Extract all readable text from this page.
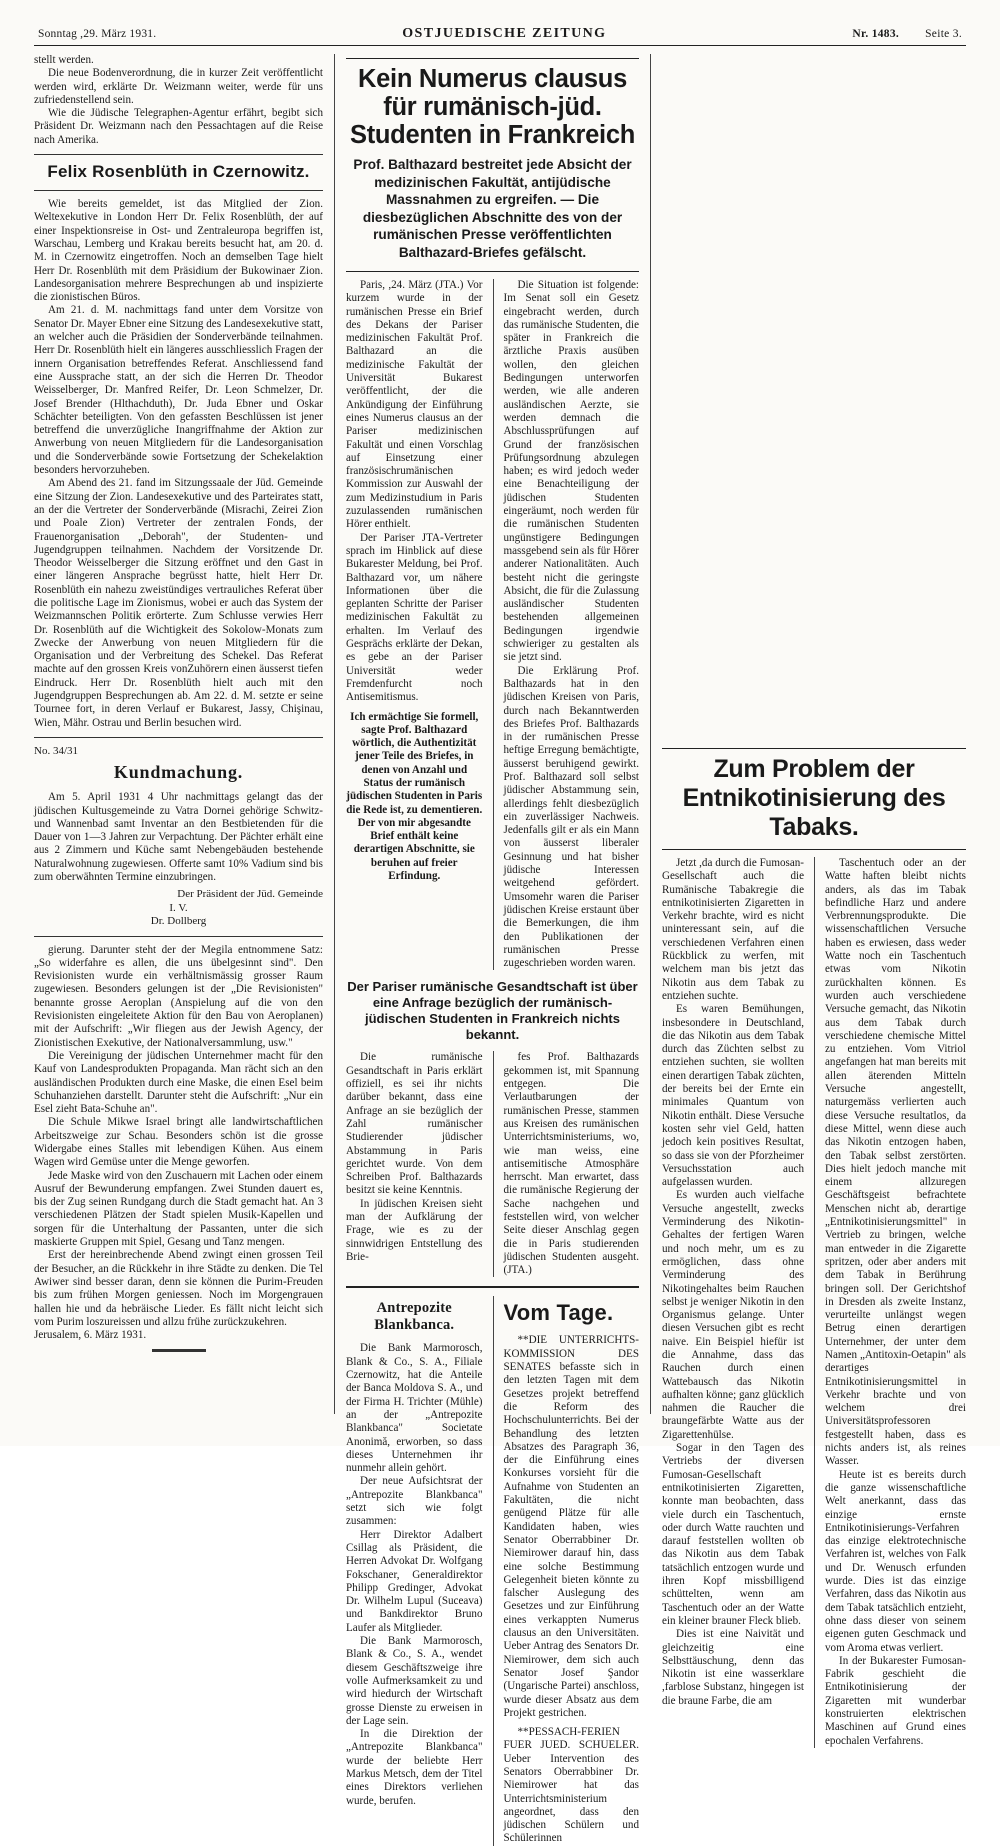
Sonntag ,29. März 1931.	OSTJUEDISCHE ZEITUNG	Nr. 1483. Seite 3.

stellt werden.

Die neue Bodenverordnung, die in kurzer Zeit veröffentlicht werden wird, erklärte Dr. Weizmann weiter, werde für uns zufriedenstellend sein.

Wie die Jüdische Telegraphen-Agentur erfährt, begibt sich Präsident Dr. Weizmann nach den Pessachtagen auf die Reise nach Amerika.

Felix Rosenblüth in Czernowitz.

Wie bereits gemeldet, ist das Mitglied der Zion. Weltexekutive in London Herr Dr. Felix Rosenblüth, der auf einer Inspektionsreise in Ost- und Zentraleuropa begriffen ist, Warschau, Lemberg und Krakau bereits besucht hat, am 20. d. M. in Czernowitz eingetroffen. Noch an demselben Tage hielt Herr Dr. Rosenblüth mit dem Präsidium der Bukowinaer Zion. Landesorganisation mehrere Besprechungen ab und inspizierte die zionistischen Büros.

Am 21. d. M. nachmittags fand unter dem Vorsitze von Senator Dr. Mayer Ebner eine Sitzung des Landesexekutive statt, an welcher auch die Präsidien der Sonderverbände teilnahmen. Herr Dr. Rosenblüth hielt ein längeres ausschliesslich Fragen der innern Organisation betreffendes Referat. Anschliessend fand eine Aussprache statt, an der sich die Herren Dr. Theodor Weisselberger, Dr. Manfred Reifer, Dr. Leon Schmelzer, Dr. Josef Brender (Hlthachduth), Dr. Juda Ebner und Oskar Schächter beteiligten. Von den gefassten Beschlüssen ist jener betreffend die unverzügliche Inangriffnahme der Aktion zur Anwerbung von neuen Mitgliedern für die Landesorganisation und die Sonderverbände sowie Fortsetzung der Schekelaktion besonders hervorzuheben.

Am Abend des 21. fand im Sitzungssaale der Jüd. Gemeinde eine Sitzung der Zion. Landesexekutive und des Parteirates statt, an der die Vertreter der Sonderverbände (Misrachi, Zeirei Zion und Poale Zion) Vertreter der zentralen Fonds, der Frauenorganisation „Deborah", der Studenten- und Jugendgruppen teilnahmen. Nachdem der Vorsitzende Dr. Theodor Weisselberger die Sitzung eröffnet und den Gast in einer längeren Ansprache begrüsst hatte, hielt Herr Dr. Rosenblüth ein nahezu zweistündiges vertrauliches Referat über die politische Lage im Zionismus, wobei er auch das System der Weizmannschen Politik erörterte. Zum Schlusse verwies Herr Dr. Rosenblüth auf die Wichtigkeit des Sokolow-Monats zum Zwecke der Anwerbung von neuen Mitgliedern für die Organisation und der Verbreitung des Schekel. Das Referat machte auf den grossen Kreis vonZuhörern einen äusserst tiefen Eindruck. Herr Dr. Rosenblüth hielt auch mit den Jugendgruppen Besprechungen ab. Am 22. d. M. setzte er seine Tournee fort, in deren Verlauf er Bukarest, Jassy, Chişinau, Wien, Mähr. Ostrau und Berlin besuchen wird.

No. 34/31

Kundmachung.

Am 5. April 1931 4 Uhr nachmittags gelangt das der jüdischen Kultusgemeinde zu Vatra Dornei gehörige Schwitz- und Wannenbad samt Inventar an den Bestbietenden für die Dauer von 1—3 Jahren zur Verpachtung. Der Pächter erhält eine aus 2 Zimmern und Küche samt Nebengebäuden bestehende Naturalwohnung zugewiesen. Offerte samt 10% Vadium sind bis zum oberwähnten Termine einzubringen.

Der Präsident der Jüd. Gemeinde
I. V.
Dr. Dollberg

gierung. Darunter steht der der Megila entnommene Satz: „So widerfahre es allen, die uns übelgesinnt sind". Den Revisionisten wurde ein verhältnismässig grosser Raum zugewiesen. Besonders gelungen ist der „Die Revisionisten" benannte grosse Aeroplan (Anspielung auf die von den Revisionisten eingeleitete Aktion für den Bau von Aeroplanen) mit der Aufschrift: „Wir fliegen aus der Jewish Agency, der Zionistischen Exekutive, der Nationalversammlung, usw."

Die Vereinigung der jüdischen Unternehmer macht für den Kauf von Landesprodukten Propaganda. Man rächt sich an den ausländischen Produkten durch eine Maske, die einen Esel beim Schuhanziehen darstellt. Darunter steht die Aufschrift: „Nur ein Esel zieht Bata-Schuhe an".

Die Schule Mikwe Israel bringt alle landwirtschaftlichen Arbeitszweige zur Schau. Besonders schön ist die grosse Widergabe eines Stalles mit lebendigen Kühen. Aus einem Wagen wird Gemüse unter die Menge geworfen.

Jede Maske wird von den Zuschauern mit Lachen oder einem Ausruf der Bewunderung empfangen. Zwei Stunden dauert es, bis der Zug seinen Rundgang durch die Stadt gemacht hat. An 3 verschiedenen Plätzen der Stadt spielen Musik-Kapellen und sorgen für die Unterhaltung der Passanten, unter die sich maskierte Gruppen mit Spiel, Gesang und Tanz mengen.

Erst der hereinbrechende Abend zwingt einen grossen Teil der Besucher, an die Rückkehr in ihre Städte zu denken. Die Tel Awiwer sind besser daran, denn sie können die Purim-Freuden bis zum frühen Morgen geniessen. Noch im Morgengrauen hallen hie und da hebräische Lieder. Es fällt nicht leicht sich vom Purim loszureissen und allzu frühe zurückzukehren.

Jerusalem, 6. März 1931.

Kein Numerus clausus für rumänisch-jüd. Studenten in Frankreich
Prof. Balthazard bestreitet jede Absicht der medizinischen Fakultät, antijüdische Massnahmen zu ergreifen. — Die diesbezüglichen Abschnitte des von der rumänischen Presse veröffentlichten Balthazard-Briefes gefälscht.

Paris, ,24. März (JTA.) Vor kurzem wurde in der rumänischen Presse ein Brief des Dekans der Pariser medizinischen Fakultät Prof. Balthazard an die medizinische Fakultät der Universität Bukarest veröffentlicht, der die Ankündigung der Einführung eines Numerus clausus an der Pariser medizinischen Fakultät und einen Vorschlag auf Einsetzung einer französischrumänischen Kommission zur Auswahl der zum Medizinstudium in Paris zuzulassenden rumänischen Hörer enthielt.

Der Pariser JTA-Vertreter sprach im Hinblick auf diese Bukarester Meldung, bei Prof. Balthazard vor, um nähere Informationen über die geplanten Schritte der Pariser medizinischen Fakultät zu erhalten. Im Verlauf des Gesprächs erklärte der Dekan, es gebe an der Pariser Universität weder Fremdenfurcht noch Antisemitismus.

Ich ermächtige Sie formell, sagte Prof. Balthazard wörtlich, die Authentizität jener Teile des Briefes, in denen von Anzahl und Status der rumänisch jüdischen Studenten in Paris die Rede ist, zu dementieren. Der von mir abgesandte Brief enthält keine derartigen Abschnitte, sie beruhen auf freier Erfindung.

Die Situation ist folgende: Im Senat soll ein Gesetz eingebracht werden, durch das rumänische Studenten, die später in Frankreich die ärztliche Praxis ausüben wollen, den gleichen Bedingungen unterworfen werden, wie alle anderen ausländischen Aerzte, sie werden demnach die Abschlussprüfungen auf Grund der französischen Prüfungsordnung abzulegen haben; es wird jedoch weder eine Benachteiligung der jüdischen Studenten eingeräumt, noch werden für die rumänischen Studenten ungünstigere Bedingungen massgebend sein als für Hörer anderer Nationalitäten. Auch besteht nicht die geringste Absicht, die für die Zulassung ausländischer Studenten bestehenden allgemeinen Bedingungen irgendwie schwieriger zu gestalten als sie jetzt sind.

Die Erklärung Prof. Balthazards hat in den jüdischen Kreisen von Paris, durch nach Bekanntwerden des Briefes Prof. Balthazards in der rumänischen Presse heftige Erregung bemächtigte, äusserst beruhigend gewirkt. Prof. Balthazard soll selbst jüdischer Abstammung sein, allerdings fehlt diesbezüglich ein zuverlässiger Nachweis. Jedenfalls gilt er als ein Mann von äusserst liberaler Gesinnung und hat bisher jüdische Interessen weitgehend gefördert. Umsomehr waren die Pariser jüdischen Kreise erstaunt über die Bemerkungen, die ihm den Publikationen der rumänischen Presse zugeschrieben worden waren.

Der Pariser rumänische Gesandtschaft ist über eine Anfrage bezüglich der rumänisch-jüdischen Studenten in Frankreich nichts bekannt.

Die rumänische Gesandtschaft in Paris erklärt offiziell, es sei ihr nichts darüber bekannt, dass eine Anfrage an sie bezüglich der Zahl rumänischer Studierender jüdischer Abstammung in Paris gerichtet wurde. Von dem Schreiben Prof. Balthazards besitzt sie keine Kenntnis.

In jüdischen Kreisen sieht man der Aufklärung der Frage, wie es zu der sinnwidrigen Entstellung des Brie-

fes Prof. Balthazards gekommen ist, mit Spannung entgegen. Die Verlautbarungen der rumänischen Presse, stammen aus Kreisen des rumänischen Unterrichtsministeriums, wo, wie man weiss, eine antisemitische Atmosphäre herrscht. Man erwartet, dass die rumänische Regierung der Sache nachgehen und feststellen wird, von welcher Seite dieser Anschlag gegen die in Paris studierenden jüdischen Studenten ausgeht. (JTA.)

Antrepozite Blankbanca.

Die Bank Marmorosch, Blank & Co., S. A., Filiale Czernowitz, hat die Anteile der Banca Moldova S. A., und der Firma H. Trichter (Mühle) an der „Antrepozite Blankbanca" Societate Anonimă, erworben, so dass dieses Unternehmen ihr nunmehr allein gehört.

Der neue Aufsichtsrat der „Antrepozite Blankbanca" setzt sich wie folgt zusammen:

Herr Direktor Adalbert Csillag als Präsident, die Herren Advokat Dr. Wolfgang Fokschaner, Generaldirektor Philipp Gredinger, Advokat Dr. Wilhelm Lupul (Suceava) und Bankdirektor Bruno Laufer als Mitglieder.

Die Bank Marmorosch, Blank & Co., S. A., wendet diesem Geschäftszweige ihre volle Aufmerksamkeit zu und wird hiedurch der Wirtschaft grosse Dienste zu erweisen in der Lage sein.

In die Direktion der „Antrepozite Blankbanca" wurde der beliebte Herr Markus Metsch, dem der Titel eines Direktors verliehen wurde, berufen.

Vom Tage.

**DIE UNTERRICHTS-KOMMISSION DES SENATES befasste sich in den letzten Tagen mit dem Gesetzes projekt betreffend die Reform des Hochschulunterrichts. Bei der Behandlung des letzten Absatzes des Paragraph 36, der die Einführung eines Konkurses vorsieht für die Aufnahme von Studenten an Fakultäten, die nicht genügend Plätze für alle Kandidaten haben, wies Senator Oberrabbiner Dr. Niemirower darauf hin, dass eine solche Bestimmung Gelegenheit bieten könnte zu falscher Auslegung des Gesetzes und zur Einführung eines verkappten Numerus clausus an den Universitäten. Ueber Antrag des Senators Dr. Niemirower, dem sich auch Senator Josef Şandor (Ungarische Partei) anschloss, wurde dieser Absatz aus dem Projekt gestrichen.

**PESSACH-FERIEN FUER JUED. SCHUELER. Ueber Intervention des Senators Oberrabbiner Dr. Niemirower hat das Unterrichtsministerium angeordnet, dass den jüdischen Schülern und Schülerinnen

Zum Problem der Entnikotinisierung des Tabaks.

Jetzt ,da durch die Fumosan-Gesellschaft auch die Rumänische Tabakregie die entnikotinisierten Zigaretten in Verkehr brachte, wird es nicht uninteressant sein, auf die verschiedenen Verfahren einen Rückblick zu werfen, mit welchem man bis jetzt das Nikotin aus dem Tabak zu entziehen suchte.

Es waren Bemühungen, insbesondere in Deutschland, die das Nikotin aus dem Tabak durch das Züchten selbst zu entziehen suchten, sie wollten einen derartigen Tabak züchten, der bereits bei der Ernte ein minimales Quantum von Nikotin enthält. Diese Versuche kosten sehr viel Geld, hatten jedoch kein positives Resultat, so dass sie von der Pforzheimer Versuchsstation auch aufgelassen wurden.

Es wurden auch vielfache Versuche angestellt, zwecks Verminderung des Nikotin-Gehaltes der fertigen Waren und noch mehr, um es zu ermöglichen, dass ohne Verminderung des Nikotingehaltes beim Rauchen selbst je weniger Nikotin in den Organismus gelange. Unter diesen Versuchen gibt es recht naive. Ein Beispiel hiefür ist die Annahme, dass das Rauchen durch einen Wattebausch das Nikotin aufhalten könne; ganz glücklich nahmen die Raucher die braungefärbte Watte aus der Zigarettenhülse.

Sogar in den Tagen des Vertriebs der diversen Fumosan-Gesellschaft entnikotinisierten Zigaretten, konnte man beobachten, dass viele durch ein Taschentuch, oder durch Watte rauchten und darauf feststellen wollten ob das Nikotin aus dem Tabak tatsächlich entzogen wurde und ihren Kopf missbilligend schüttelten, wenn am Taschentuch oder an der Watte ein kleiner brauner Fleck blieb.

Dies ist eine Naivität und gleichzeitig eine Selbsttäuschung, denn das Nikotin ist eine wasserklare ,farblose Substanz, hingegen ist die braune Farbe, die am

Taschentuch oder an der Watte haften bleibt nichts anders, als das im Tabak befindliche Harz und andere Verbrennungsprodukte. Die wissenschaftlichen Versuche haben es erwiesen, dass weder Watte noch ein Taschentuch etwas vom Nikotin zurückhalten können. Es wurden auch verschiedene Versuche gemacht, das Nikotin aus dem Tabak durch verschiedene chemische Mittel zu entziehen. Vom Vitriol angefangen hat man bereits mit allen äterenden Mitteln Versuche angestellt, naturgemäss verlierten auch diese Versuche resultatlos, da diese Mittel, wenn diese auch das Nikotin entzogen haben, den Tabak selbst zerstörten. Dies hielt jedoch manche mit einem allzuregen Geschäftsgeist befrachtete Menschen nicht ab, derartige „Entnikotinisierungsmittel" in Vertrieb zu bringen, welche man entweder in die Zigarette spritzen, oder aber anders mit dem Tabak in Berührung bringen soll. Der Gerichtshof in Dresden als zweite Instanz, verurteilte unlängst wegen Betrug einen derartigen Unternehmer, der unter dem Namen „Antitoxin-Oetapin" als derartiges Entnikotinisierungsmittel in Verkehr brachte und von welchem drei Universitätsprofessoren festgestellt haben, dass es nichts anders ist, als reines Wasser.

Heute ist es bereits durch die ganze wissenschaftliche Welt anerkannt, dass das einzige ernste Entnikotinisierungs-Verfahren das einzige elektrotechnische Verfahren ist, welches von Falk und Dr. Wenusch erfunden wurde. Dies ist das einzige Verfahren, dass das Nikotin aus dem Tabak tatsächlich entzieht, ohne dass dieser von seinem eigenen guten Geschmack und vom Aroma etwas verliert.

In der Bukarester Fumosan-Fabrik geschieht die Entnikotinisierung der Zigaretten mit wunderbar konstruierten elektrischen Maschinen auf Grund eines epochalen Verfahrens.
